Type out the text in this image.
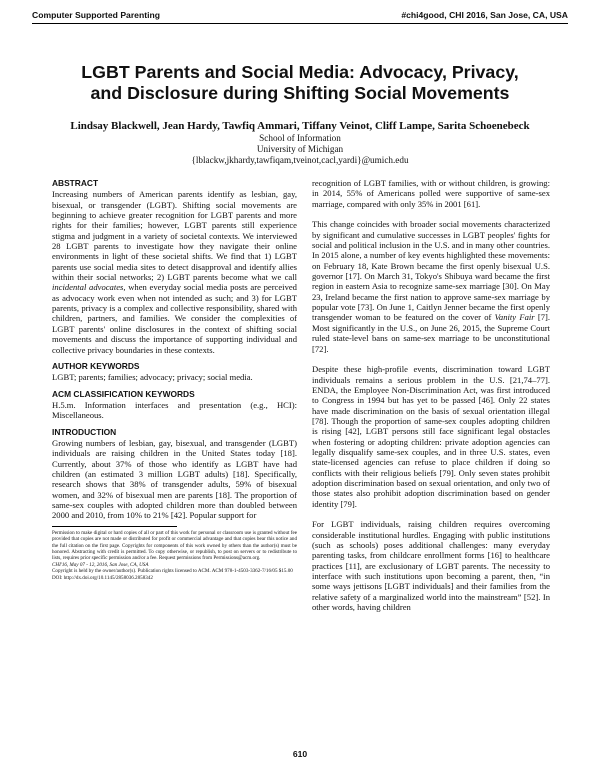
Computer Supported Parenting	#chi4good, CHI 2016, San Jose, CA, USA
LGBT Parents and Social Media: Advocacy, Privacy,
and Disclosure during Shifting Social Movements
Lindsay Blackwell, Jean Hardy, Tawfiq Ammari, Tiffany Veinot, Cliff Lampe, Sarita Schoenebeck
School of Information
University of Michigan
{lblackw,jkhardy,tawfiqam,tveinot,cacl,yardi}@umich.edu
ABSTRACT

Increasing numbers of American parents identify as lesbian, gay, bisexual, or transgender (LGBT). Shifting social movements are beginning to achieve greater recognition for LGBT parents and more rights for their families; however, LGBT parents still experience stigma and judgment in a variety of societal contexts. We interviewed 28 LGBT parents to investigate how they navigate their online environments in light of these societal shifts. We find that 1) LGBT parents use social media sites to detect disapproval and identify allies within their social networks; 2) LGBT parents become what we call incidental advocates, when everyday social media posts are perceived as advocacy work even when not intended as such; and 3) for LGBT parents, privacy is a complex and collective responsibility, shared with children, partners, and families. We consider the complexities of LGBT parents' online disclosures in the context of shifting social movements and discuss the importance of supporting individual and collective privacy boundaries in these contexts.

AUTHOR KEYWORDS

LGBT; parents; families; advocacy; privacy; social media.

ACM CLASSIFICATION KEYWORDS

H.5.m. Information interfaces and presentation (e.g., HCI): Miscellaneous.

INTRODUCTION

Growing numbers of lesbian, gay, bisexual, and transgender (LGBT) individuals are raising children in the United States today [18]. Currently, about 37% of those who identify as LGBT have had children (an estimated 3 million LGBT adults) [18]. Specifically, research shows that 38% of transgender adults, 59% of bisexual women, and 32% of bisexual men are parents [18]. The proportion of same-sex couples with adopted children more than doubled between 2000 and 2010, from 10% to 21% [42]. Popular support for

Permission to make digital or hard copies of all or part of this work for personal or classroom use is granted without fee provided that copies are not made or distributed for profit or commercial advantage and that copies bear this notice and the full citation on the first page. Copyrights for components of this work owned by others than the author(s) must be honored. Abstracting with credit is permitted. To copy otherwise, or republish, to post on servers or to redistribute to lists, requires prior specific permission and/or a fee. Request permissions from Permissions@acm.org.

CHI'16, May 07 - 12, 2016, San Jose, CA, USA

Copyright is held by the owner/author(s). Publication rights licensed to ACM. ACM 978-1-4503-3362-7/16/05 $15.00

DOI: http://dx.doi.org/10.1145/2858036.2858342

recognition of LGBT families, with or without children, is growing: in 2014, 55% of Americans polled were supportive of same-sex marriage, compared with only 35% in 2001 [61].

This change coincides with broader social movements characterized by significant and cumulative successes in LGBT peoples' fights for social and political inclusion in the U.S. and in many other countries. In 2015 alone, a number of key events highlighted these movements: on February 18, Kate Brown became the first openly bisexual U.S. governor [17]. On March 31, Tokyo's Shibuya ward became the first region in eastern Asia to recognize same-sex marriage [30]. On May 23, Ireland became the first nation to approve same-sex marriage by popular vote [73]. On June 1, Caitlyn Jenner became the first openly transgender woman to be featured on the cover of Vanity Fair [7]. Most significantly in the U.S., on June 26, 2015, the Supreme Court ruled state-level bans on same-sex marriage to be unconstitutional [72].

Despite these high-profile events, discrimination toward LGBT individuals remains a serious problem in the U.S. [21,74–77]. ENDA, the Employee Non-Discrimination Act, was first introduced to Congress in 1994 but has yet to be passed [46]. Only 22 states have made discrimination on the basis of sexual orientation illegal [78]. Though the proportion of same-sex couples adopting children is rising [42], LGBT persons still face significant legal obstacles when fostering or adopting children: private adoption agencies can legally disqualify same-sex couples, and in three U.S. states, even state-licensed agencies can refuse to place children if doing so conflicts with their religious beliefs [79]. Only seven states prohibit adoption discrimination based on sexual orientation, and only two of those states also prohibit adoption discrimination based on gender identity [79].

For LGBT individuals, raising children requires overcoming considerable institutional hurdles. Engaging with public institutions (such as schools) poses additional challenges: many everyday parenting tasks, from childcare enrollment forms [16] to healthcare practices [11], are exclusionary of LGBT parents. The necessity to interface with such institutions upon becoming a parent, then, “in some ways jettisons [LGBT individuals] and their families from the relative safety of a marginalized world into the mainstream” [52]. In other words, having children

610
